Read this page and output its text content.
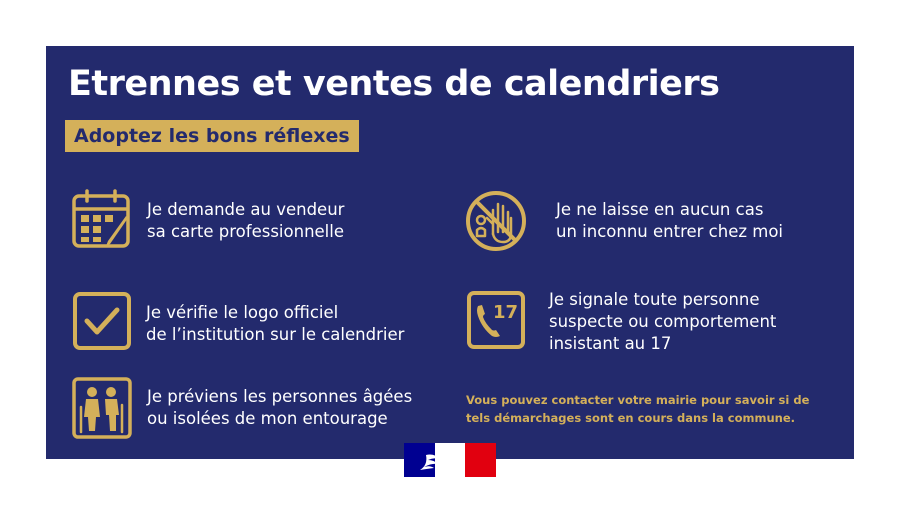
Etrennes et ventes de calendriers
Adoptez les bons réflexes
Je demande au vendeur
sa carte professionnelle
Je ne laisse en aucun cas
un inconnu entrer chez moi
Je vérifie le logo officiel
de l’institution sur le calendrier
17
Je signale toute personne
suspecte ou comportement
insistant au 17
Je préviens les personnes âgées
ou isolées de mon entourage
Vous pouvez contacter votre mairie pour savoir si de
tels démarchages sont en cours dans la commune.
